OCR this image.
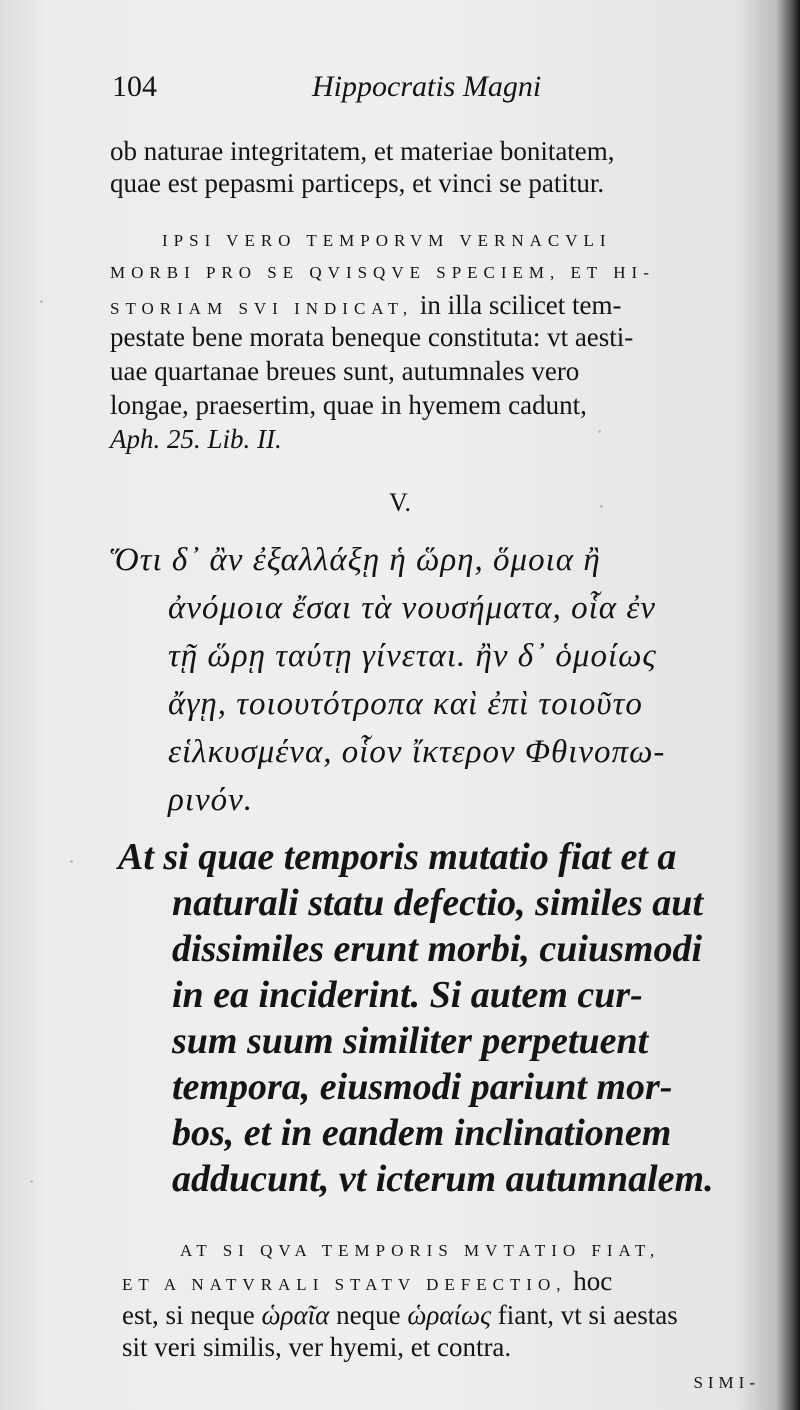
104	Hippocratis Magni
ob naturae integritatem, et materiae bonitatem,
quae est pepasmi particeps, et vinci se patitur.
IPSI VERO TEMPORVM VERNACVLI
MORBI PRO SE QVISQVE SPECIEM, ET HI-
STORIAM SVI INDICAT, in illa scilicet tem-
pestate bene morata beneque constituta: vt aesti-
uae quartanae breues sunt, autumnales vero
longae, praesertim, quae in hyemem cadunt,
Aph. 25. Lib. II.
V.
Ὅτι δ᾽ ἂν ἐξαλλάξῃ ἡ ὥρη, ὅμοια ἢ
ἀνόμοια ἔσαι τὰ νουσήματα, οἷα ἐν
τῇ ὥρῃ ταύτῃ γίνεται. ἢν δ᾽ ὁμοίως
ἄγῃ, τοιουτότροπα καὶ ἐπὶ τοιοῦτο
εἱλκυσμένα, οἷον ἴκτερον Φθινοπω-
ρινόν.
At si quae temporis mutatio fiat et a
naturali statu defectio, similes aut
dissimiles erunt morbi, cuiusmodi
in ea inciderint. Si autem cur-
sum suum similiter perpetuent
tempora, eiusmodi pariunt mor-
bos, et in eandem inclinationem
adducunt, vt icterum autumnalem.
AT SI QVA TEMPORIS MVTATIO FIAT,
ET A NATVRALI STATV DEFECTIO, hoc
est, si neque ὡραῖα neque ὡραίως fiant, vt si aestas
sit veri similis, ver hyemi, et contra.
SIMI-
